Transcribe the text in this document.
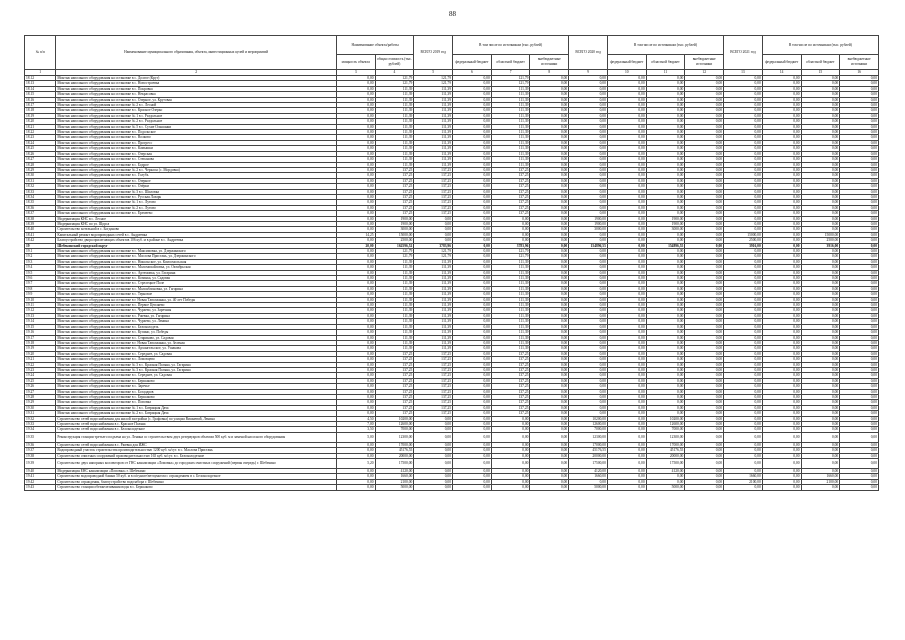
88
№ п/п	Наименование муниципального образования, объекта, инвестиционных целей и мероприятий	Наименование объекта/работы		ВСЕГО 2019 год	В том числе по источникам (тыс. рублей)			ВСЕГО 2020 год	В том числе по источникам (тыс. рублей)			ВСЕГО 2021 год	В том числе по источникам (тыс. рублей)		
		мощность объекта	общая стоимость (тыс. рублей)		федеральный бюджет	областной бюджет	внебюджетные источники		федеральный бюджет	областной бюджет	внебюджетные источники		федеральный бюджет	областной бюджет	внебюджетные источники
1	2	3	4	5	6	7	8	9	10	11	12	13	14	15	16
18.12	Монтаж напольного оборудования на остановке в с. Долгое (Круг)	0,00	121,79	121,79	0,00	121,79	0,00	0,00	0,00	0,00	0,00	0,00	0,00	0,00	0,00
18.13	Монтаж напольного оборудования на остановке в с. Новостроевка	0,00	121,79	121,79	0,00	121,79	0,00	0,00	0,00	0,00	0,00	0,00	0,00	0,00	0,00
18.14	Монтаж напольного оборудования на остановке в с. Покровка	0,00	111,39	111,39	0,00	111,39	0,00	0,00	0,00	0,00	0,00	0,00	0,00	0,00	0,00
18.15	Монтаж напольного оборудования на остановке в с. Некрасовка	0,00	111,39	111,39	0,00	111,39	0,00	0,00	0,00	0,00	0,00	0,00	0,00	0,00	0,00
18.16	Монтаж напольного оборудования на остановке в с. Озерное, ул. Круговая	0,00	111,39	111,39	0,00	111,39	0,00	0,00	0,00	0,00	0,00	0,00	0,00	0,00	0,00
18.17	Монтаж напольного оборудования на остановке № 2 в с. Лесной	0,00	111,39	111,39	0,00	111,39	0,00	0,00	0,00	0,00	0,00	0,00	0,00	0,00	0,00
18.18	Монтаж напольного оборудования на остановке в с. Красное Озерко	0,00	111,39	111,39	0,00	111,39	0,00	0,00	0,00	0,00	0,00	0,00	0,00	0,00	0,00
18.19	Монтаж напольного оборудования на остановке № 1 в с. Раздольное	0,00	111,39	111,39	0,00	111,39	0,00	0,00	0,00	0,00	0,00	0,00	0,00	0,00	0,00
18.20	Монтаж напольного оборудования на остановке № 2 в с. Раздольное	0,00	111,39	111,39	0,00	111,39	0,00	0,00	0,00	0,00	0,00	0,00	0,00	0,00	0,00
18.21	Монтаж напольного оборудования на остановке № 5 в с. Сухие Ольшанки	0,00	111,39	111,39	0,00	111,39	0,00	0,00	0,00	0,00	0,00	0,00	0,00	0,00	0,00
18.22	Монтаж напольного оборудования на остановке в с. Подольское	0,00	111,39	111,39	0,00	111,39	0,00	0,00	0,00	0,00	0,00	0,00	0,00	0,00	0,00
18.23	Монтаж напольного оборудования на остановке в с. Волково	0,00	111,39	111,39	0,00	111,39	0,00	0,00	0,00	0,00	0,00	0,00	0,00	0,00	0,00
18.24	Монтаж напольного оборудования на остановке в с. Прогресс	0,00	111,39	111,39	0,00	111,39	0,00	0,00	0,00	0,00	0,00	0,00	0,00	0,00	0,00
18.25	Монтаж напольного оборудования на остановке в с. Камышки	0,00	111,39	111,39	0,00	111,39	0,00	0,00	0,00	0,00	0,00	0,00	0,00	0,00	0,00
18.26	Монтаж напольного оборудования на остановке в с. Озерская	0,00	111,39	111,39	0,00	111,39	0,00	0,00	0,00	0,00	0,00	0,00	0,00	0,00	0,00
18.27	Монтаж напольного оборудования на остановке в с. Степанова	0,00	111,39	111,39	0,00	111,39	0,00	0,00	0,00	0,00	0,00	0,00	0,00	0,00	0,00
18.28	Монтаж напольного оборудования на остановке в с. Бодрое	0,00	111,39	111,39	0,00	111,39	0,00	0,00	0,00	0,00	0,00	0,00	0,00	0,00	0,00
18.29	Монтаж напольного оборудования на остановке № 2 в с. Черкасы (с. Мордовка)	0,00	137,25	137,25	0,00	137,25	0,00	0,00	0,00	0,00	0,00	0,00	0,00	0,00	0,00
18.30	Монтаж напольного оборудования на остановке в с. Голубь	0,00	137,25	137,25	0,00	137,25	0,00	0,00	0,00	0,00	0,00	0,00	0,00	0,00	0,00
18.31	Монтаж напольного оборудования на остановке в с. Озерное	0,00	137,25	137,25	0,00	137,25	0,00	0,00	0,00	0,00	0,00	0,00	0,00	0,00	0,00
18.32	Монтаж напольного оборудования на остановке в с. Озёрки	0,00	137,25	137,25	0,00	137,25	0,00	0,00	0,00	0,00	0,00	0,00	0,00	0,00	0,00
18.33	Монтаж напольного оборудования на остановке № 3 в с. Шиловка	0,00	137,25	137,25	0,00	137,25	0,00	0,00	0,00	0,00	0,00	0,00	0,00	0,00	0,00
18.34	Монтаж напольного оборудования на остановке в с. Русская Лазарь	0,00	137,25	137,25	0,00	137,25	0,00	0,00	0,00	0,00	0,00	0,00	0,00	0,00	0,00
18.35	Монтаж напольного оборудования на остановке № 1 в с. Лутово	0,00	137,25	137,25	0,00	137,25	0,00	0,00	0,00	0,00	0,00	0,00	0,00	0,00	0,00
18.36	Монтаж напольного оборудования на остановке № 2 в с. Лутово	0,00	137,25	137,25	0,00	137,25	0,00	0,00	0,00	0,00	0,00	0,00	0,00	0,00	0,00
18.37	Монтаж напольного оборудования на остановке в с. Еремеево	0,00	137,25	137,25	0,00	137,25	0,00	0,00	0,00	0,00	0,00	0,00	0,00	0,00	0,00
18.38	Модернизация КНС в с. Лесное	0,00	1900,00	0,00	0,00	0,00	0,00	1900,00	0,00	1900,00	0,00	0,00	0,00	0,00	0,00
18.39	Модернизация КНС по ул. Щорса	0,00	1900,00	0,00	0,00	0,00	0,00	1900,00	0,00	1900,00	0,00	0,00	0,00	0,00	0,00
18.40	Строительство котельной в с. Богданово	0,00	3000,00	0,00	0,00	0,00	0,00	3000,00	0,00	3000,00	0,00	0,00	0,00	0,00	0,00
18.41	Капитальный ремонт водопроводных сетей в с. Андреевка	14,25	15000,00	0,00	0,00	0,00	0,00	0,00	0,00	0,00	0,00	15000,00	0,00	15000,00	0,00
18.42	Благоустройство двора прилегающих объектов 106 куб. м в районе в с. Андреевка	0,00	2500,00	0,00	0,00	0,00	0,00	0,00	0,00	0,00	0,00	2500,00	0,00	2500,00	0,00
19	Шебекинский городской округ	20,00	162596,52	3783,96	0,00	3783,96	0,00	154896,55	0,00	154896,55	0,00	3916,00	0,00	3916,00	0,00
19.1	Монтаж напольного оборудования на остановке в с. Максимовка, ул. Дзержинского	0,00	121,79	121,79	0,00	121,79	0,00	0,00	0,00	0,00	0,00	0,00	0,00	0,00	0,00
19.2	Монтаж напольного оборудования на остановке в с. Маслова Пристань, ул. Дзержинского	0,00	121,79	121,79	0,00	121,79	0,00	0,00	0,00	0,00	0,00	0,00	0,00	0,00	0,00
19.3	Монтаж напольного оборудования на остановке в с. Никольское, ул. Комсомольская	0,00	111,39	111,39	0,00	111,39	0,00	0,00	0,00	0,00	0,00	0,00	0,00	0,00	0,00
19.4	Монтаж напольного оборудования на остановке в с. Маломихайловка, ул. Октябрьская	0,00	111,39	111,39	0,00	111,39	0,00	0,00	0,00	0,00	0,00	0,00	0,00	0,00	0,00
19.5	Монтаж напольного оборудования на остановке в с. Артемовка, ул. Гагарина	0,00	111,39	111,39	0,00	111,39	0,00	0,00	0,00	0,00	0,00	0,00	0,00	0,00	0,00
19.6	Монтаж напольного оборудования на остановке в с. Козинка, ул. Садовая	0,00	111,39	111,39	0,00	111,39	0,00	0,00	0,00	0,00	0,00	0,00	0,00	0,00	0,00
19.7	Монтаж напольного оборудования на остановке в с. Стрелецкое Поле	0,00	111,39	111,39	0,00	111,39	0,00	0,00	0,00	0,00	0,00	0,00	0,00	0,00	0,00
19.8	Монтаж напольного оборудования на остановке в с. Малояблоновка, ул. Гагарина	0,00	111,39	111,39	0,00	111,39	0,00	0,00	0,00	0,00	0,00	0,00	0,00	0,00	0,00
19.9	Монтаж напольного оборудования на остановке в с. Терновое	0,00	111,39	111,39	0,00	111,39	0,00	0,00	0,00	0,00	0,00	0,00	0,00	0,00	0,00
19.10	Монтаж напольного оборудования на остановке в г. Новая Таволжанка, ул. 40 лет Победы	0,00	111,39	111,39	0,00	111,39	0,00	0,00	0,00	0,00	0,00	0,00	0,00	0,00	0,00
19.11	Монтаж напольного оборудования на остановке в с. Первое Цепляево	0,00	111,39	111,39	0,00	111,39	0,00	0,00	0,00	0,00	0,00	0,00	0,00	0,00	0,00
19.12	Монтаж напольного оборудования на остановке в с. Чураево, ул. Заречная	0,00	111,39	111,39	0,00	111,39	0,00	0,00	0,00	0,00	0,00	0,00	0,00	0,00	0,00
19.13	Монтаж напольного оборудования на остановке в с. Ржевка, ул. Гагарина	0,00	111,39	111,39	0,00	111,39	0,00	0,00	0,00	0,00	0,00	0,00	0,00	0,00	0,00
19.14	Монтаж напольного оборудования на остановке в с. Чураево, ул. Ленина	0,00	111,39	111,39	0,00	111,39	0,00	0,00	0,00	0,00	0,00	0,00	0,00	0,00	0,00
19.15	Монтаж напольного оборудования на остановке в с. Белоколодезь	0,00	111,39	111,39	0,00	111,39	0,00	0,00	0,00	0,00	0,00	0,00	0,00	0,00	0,00
19.16	Монтаж напольного оборудования на остановке в с. Купино, ул. Победы	0,00	111,39	111,39	0,00	111,39	0,00	0,00	0,00	0,00	0,00	0,00	0,00	0,00	0,00
19.17	Монтаж напольного оборудования на остановке в с. Стариково, ул. Садовая	0,00	111,39	111,39	0,00	111,39	0,00	0,00	0,00	0,00	0,00	0,00	0,00	0,00	0,00
19.18	Монтаж напольного оборудования на остановке в г. Новая Таволжанка, ул. Зеленая	0,00	111,39	111,39	0,00	111,39	0,00	0,00	0,00	0,00	0,00	0,00	0,00	0,00	0,00
19.19	Монтаж напольного оборудования на остановке в с. Архангельское, ул. Ушакова	0,00	111,39	111,39	0,00	111,39	0,00	0,00	0,00	0,00	0,00	0,00	0,00	0,00	0,00
19.20	Монтаж напольного оборудования на остановке в с. Середнее, ул. Садовая	0,00	137,25	137,25	0,00	137,25	0,00	0,00	0,00	0,00	0,00	0,00	0,00	0,00	0,00
19.21	Монтаж напольного оборудования на остановке в с. Ломовцево	0,00	137,25	137,25	0,00	137,25	0,00	0,00	0,00	0,00	0,00	0,00	0,00	0,00	0,00
19.22	Монтаж напольного оборудования на остановке № 3 в с. Красная Поляна, ул. Гагарина	0,00	137,25	137,25	0,00	137,25	0,00	0,00	0,00	0,00	0,00	0,00	0,00	0,00	0,00
19.23	Монтаж напольного оборудования на остановке № 3 в с. Красная Поляна, ул. Гагарина	0,00	137,25	137,25	0,00	137,25	0,00	0,00	0,00	0,00	0,00	0,00	0,00	0,00	0,00
19.24	Монтаж напольного оборудования на остановке в с. Середнее, ул. Садовая	0,00	137,25	137,25	0,00	137,25	0,00	0,00	0,00	0,00	0,00	0,00	0,00	0,00	0,00
19.25	Монтаж напольного оборудования на остановке в с. Бершаково	0,00	137,25	137,25	0,00	137,25	0,00	0,00	0,00	0,00	0,00	0,00	0,00	0,00	0,00
19.26	Монтаж напольного оборудования на остановке в с. Заречье	0,00	137,25	137,25	0,00	137,25	0,00	0,00	0,00	0,00	0,00	0,00	0,00	0,00	0,00
19.27	Монтаж напольного оборудования на остановке в с. Богадаров	0,00	137,25	137,25	0,00	137,25	0,00	0,00	0,00	0,00	0,00	0,00	0,00	0,00	0,00
19.28	Монтаж напольного оборудования на остановке в с. Бершаково	0,00	137,25	137,25	0,00	137,25	0,00	0,00	0,00	0,00	0,00	0,00	0,00	0,00	0,00
19.29	Монтаж напольного оборудования на остановке в с. Поповка	0,00	137,25	137,25	0,00	137,25	0,00	0,00	0,00	0,00	0,00	0,00	0,00	0,00	0,00
19.30	Монтаж напольного оборудования на остановке № 1 в с. Батрацкая Дача	0,00	137,25	137,25	0,00	137,25	0,00	0,00	0,00	0,00	0,00	0,00	0,00	0,00	0,00
19.31	Монтаж напольного оборудования на остановке № 2 в с. Батрацкая Дача	0,00	137,25	137,25	0,00	137,25	0,00	0,00	0,00	0,00	0,00	0,00	0,00	0,00	0,00
19.32	Строительство сетей водоснабжения для жилой застройки (с. Графовка) по улицам Вишневой, Ленина	4,50	10200,00	0,00	0,00	0,00	0,00	10200,00	0,00	10200,00	0,00	0,00	0,00	0,00	0,00
19.33	Строительство сетей водоснабжения в с. Красное Поляна	7,00	12600,00	0,00	0,00	0,00	0,00	12600,00	0,00	12600,00	0,00	0,00	0,00	0,00	0,00
19.34	Строительство сетей водоснабжения в с. Белоколодезное	3,50	7000,00	0,00	0,00	0,00	0,00	7000,00	0,00	7000,00	0,00	0,00	0,00	0,00	0,00
19.35	Реконструкция станции третьего подъема на ул. Ленина со строительством двух резервуаров объемом 500 куб. м и заменой насосного оборудования	5,00	12300,00	0,00	0,00	0,00	0,00	12300,00	0,00	12300,00	0,00	0,00	0,00	0,00	0,00
19.36	Строительство сетей водоснабжения в с. Ржевка для ИЖС	0,00	17000,00	0,00	0,00	0,00	0,00	17000,00	0,00	17000,00	0,00	0,00	0,00	0,00	0,00
19.37	Водопроводный участок строительства производительностью 1200 куб. м/сут. в с. Маслова Пристань	0,00	45176,55	0,00	0,00	0,00	0,00	45176,55	0,00	45176,55	0,00	0,00	0,00	0,00	0,00
19.38	Строительство очистных сооружений производительностью 165 куб. м/сут. в с. Белоколодезное	0,00	20000,00	0,00	0,00	0,00	0,00	20000,00	0,00	20000,00	0,00	0,00	0,00	0,00	0,00
19.39	Строительство двух напорных коллекторов от ГНС канализации «Ломовка» до городских очистных сооружений (первая очередь) г. Шебекино	5,20	17500,00	0,00	0,00	0,00	0,00	17500,00	0,00	17500,00	0,00	0,00	0,00	0,00	0,00
19.40	Модернизация ЕНС канализации «Поповка» г. Шебекино	0,00	4120,00	0,00	0,00	0,00	0,00	4120,00	0,00	4120,00	0,00	0,00	0,00	0,00	0,00
19.41	Строительство водопроводной башни 50 куб. м в п/пункте/ветпунктом с ограждением в с. Белоколодезное	0,00	1660,00	0,00	0,00	0,00	0,00	1660,00	0,00	0,00	0,00	1660,00	0,00	1660,00	0,00
19.42	Строительство ограждения, благоустройство водозабора г. Шебекино	0,00	2100,00	0,00	0,00	0,00	0,00	0,00	0,00	0,00	0,00	2100,00	0,00	2100,00	0,00
19.43	Строительство станции обезжелезивания воды в с. Бершаково	0,00	5000,00	0,00	0,00	0,00	0,00	5000,00	0,00	5000,00	0,00	0,00	0,00	0,00	0,00
